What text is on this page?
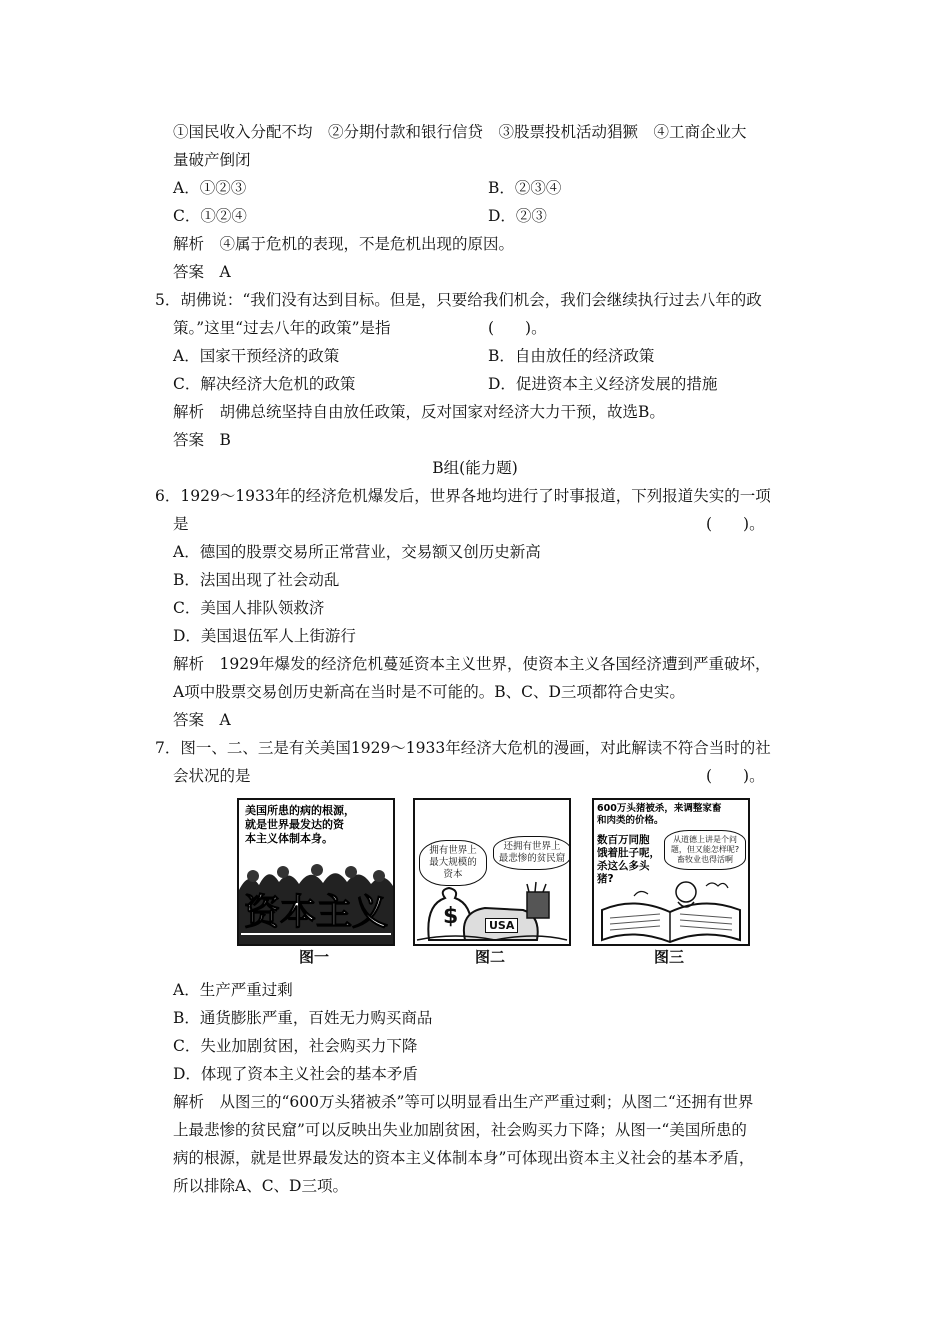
①国民收入分配不均　②分期付款和银行信贷　③股票投机活动猖獗　④工商企业大
量破产倒闭
A．①②③	B．②③④
C．①②④	D．②③
解析　④属于危机的表现，不是危机出现的原因。
答案　A
5．胡佛说：“我们没有达到目标。但是，只要给我们机会，我们会继续执行过去八年的政
策。”这里“过去八年的政策”是指	(　　)。
A．国家干预经济的政策	B．自由放任的经济政策
C．解决经济大危机的政策	D．促进资本主义经济发展的措施
解析　胡佛总统坚持自由放任政策，反对国家对经济大力干预，故选B。
答案　B
B组(能力题)
6．1929～1933年的经济危机爆发后，世界各地均进行了时事报道，下列报道失实的一项
是	(　　)。
A．德国的股票交易所正常营业，交易额又创历史新高
B．法国出现了社会动乱
C．美国人排队领救济
D．美国退伍军人上街游行
解析　1929年爆发的经济危机蔓延资本主义世界，使资本主义各国经济遭到严重破坏，
A项中股票交易创历史新高在当时是不可能的。B、C、D三项都符合史实。
答案　A
7．图一、二、三是有关美国1929～1933年经济大危机的漫画，对此解读不符合当时的社
会状况的是	(　　)。
美国所患的病的根源，
就是世界最发达的资
本主义体制本身。
资本主义
图一
拥有世界上
最大规模的
资本
还拥有世界上
最悲惨的贫民窟
$	USA
图二
600万头猪被杀，来调整家畜
和肉类的价格。
数百万同胞
饿着肚子呢，
杀这么多头
猪?
从道德上讲是个问
题，但又能怎样呢?
畜牧业也得活啊
图三
A．生产严重过剩
B．通货膨胀严重，百姓无力购买商品
C．失业加剧贫困，社会购买力下降
D．体现了资本主义社会的基本矛盾
解析　从图三的“600万头猪被杀”等可以明显看出生产严重过剩；从图二“还拥有世界
上最悲惨的贫民窟”可以反映出失业加剧贫困，社会购买力下降；从图一“美国所患的
病的根源，就是世界最发达的资本主义体制本身”可体现出资本主义社会的基本矛盾，
所以排除A、C、D三项。
